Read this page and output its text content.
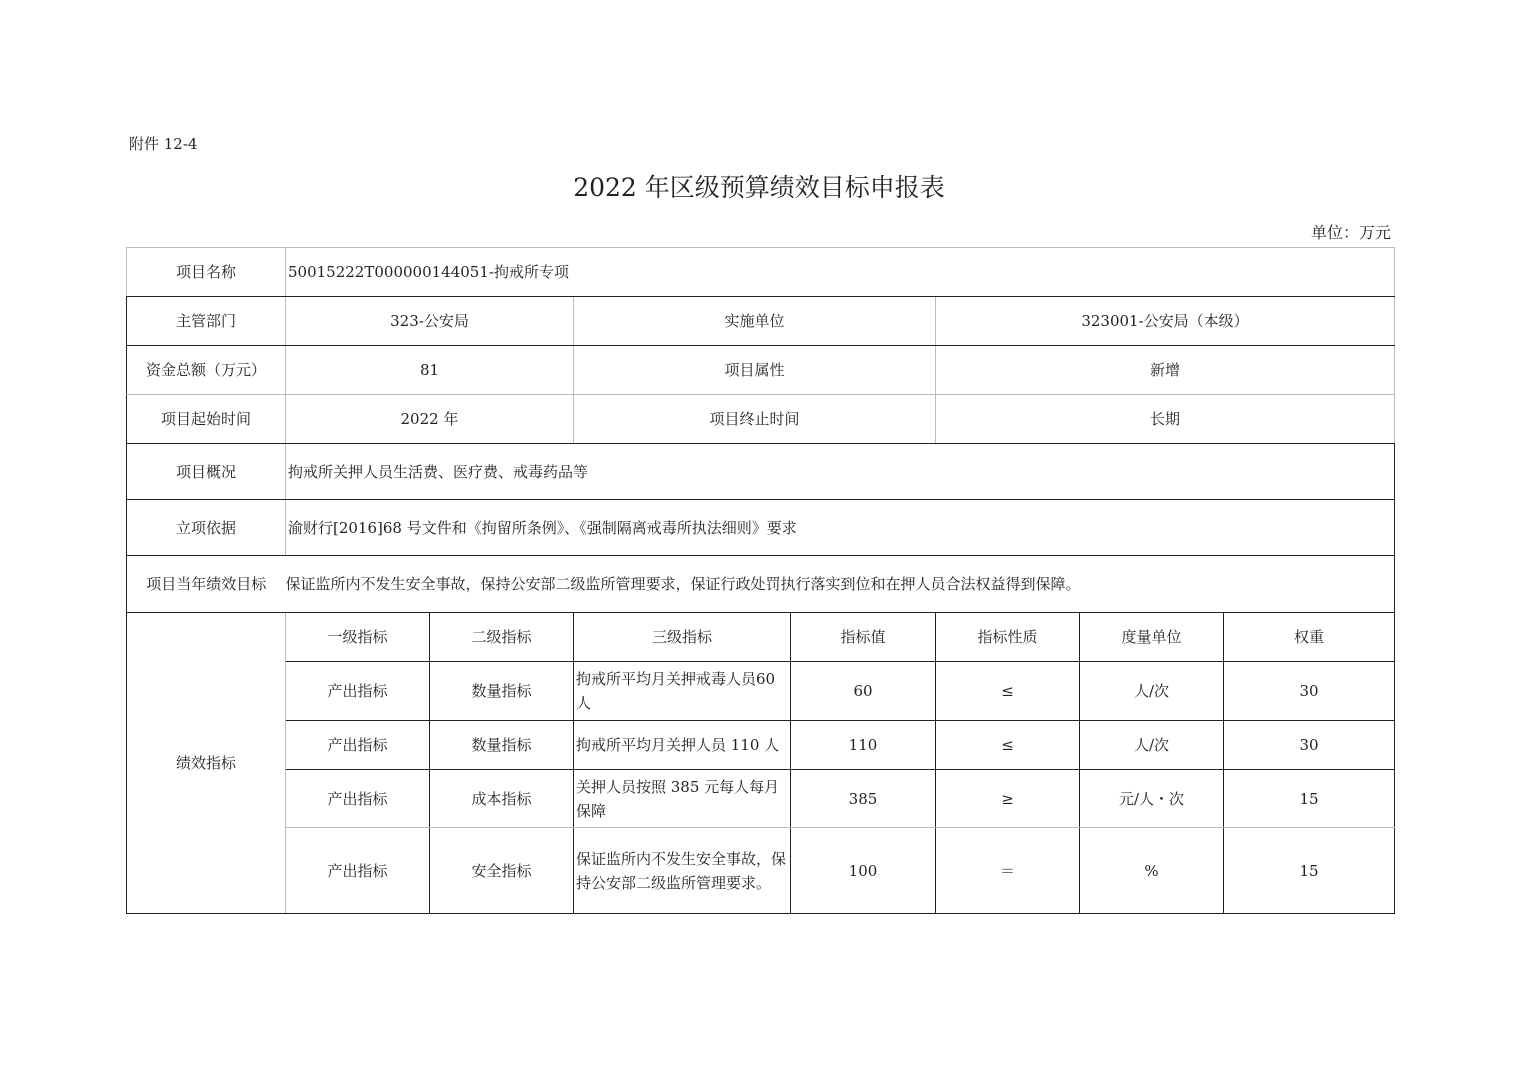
附件 12-4
2022 年区级预算绩效目标申报表
单位：万元
项目名称	50015222T000000144051-拘戒所专项						
主管部门	323-公安局		实施单位		323001-公安局（本级）		
资金总额（万元）	81		项目属性		新增		
项目起始时间	2022 年		项目终止时间		长期		
项目概况	拘戒所关押人员生活费、医疗费、戒毒药品等						
立项依据	渝财行[2016]68 号文件和《拘留所条例》、《强制隔离戒毒所执法细则》要求						
项目当年绩效目标	保证监所内不发生安全事故，保持公安部二级监所管理要求，保证行政处罚执行落实到位和在押人员合法权益得到保障。						
绩效指标	一级指标	二级指标	三级指标	指标值	指标性质	度量单位	权重
	产出指标	数量指标	拘戒所平均月关押戒毒人员60人	60	≤	人/次	30
	产出指标	数量指标	拘戒所平均月关押人员 110 人	110	≤	人/次	30
	产出指标	成本指标	关押人员按照 385 元每人每月保障	385	≥	元/人・次	15
	产出指标	安全指标	保证监所内不发生安全事故，保持公安部二级监所管理要求。	100	＝	%	15
